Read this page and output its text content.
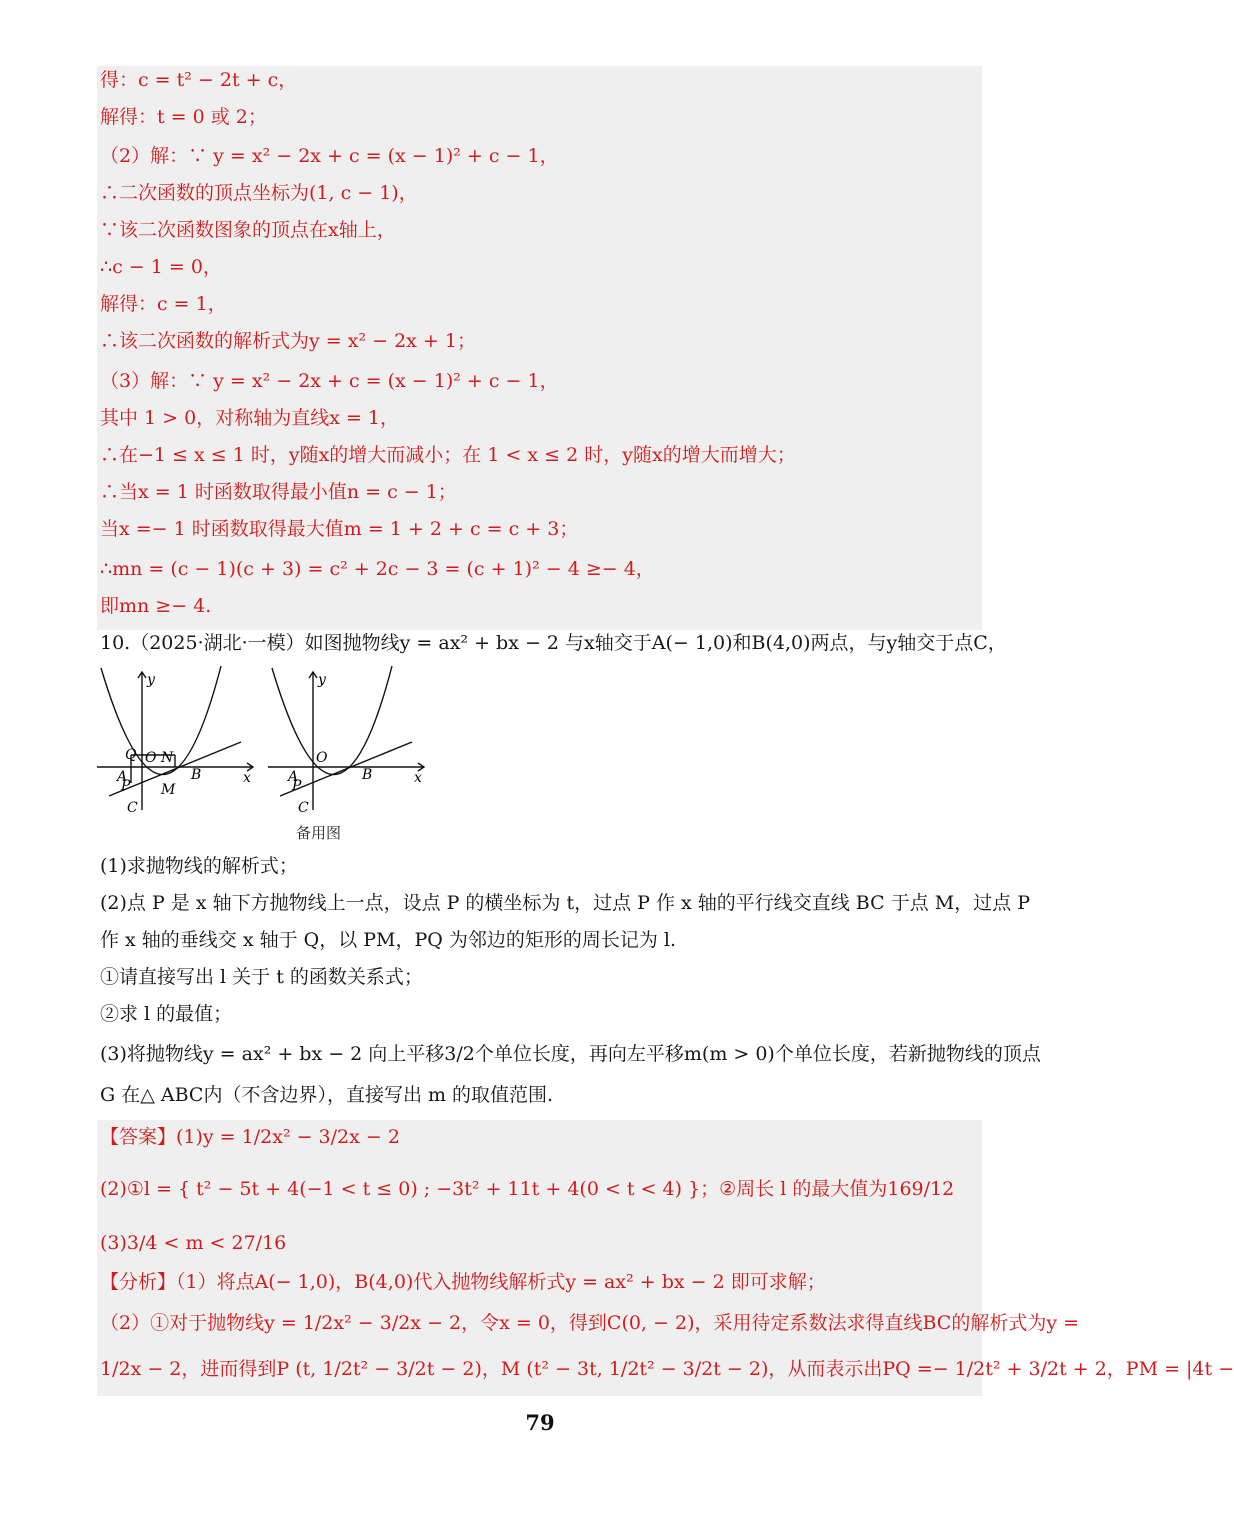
得：c = t² − 2t + c，
解得：t = 0 或 2；
（2）解：∵ y = x² − 2x + c = (x − 1)² + c − 1，
∴二次函数的顶点坐标为(1, c − 1)，
∵该二次函数图象的顶点在x轴上，
∴c − 1 = 0，
解得：c = 1，
∴该二次函数的解析式为y = x² − 2x + 1；
（3）解：∵ y = x² − 2x + c = (x − 1)² + c − 1，
其中 1 > 0，对称轴为直线x = 1，
∴在−1 ≤ x ≤ 1 时，y随x的增大而减小；在 1 < x ≤ 2 时，y随x的增大而增大；
∴当x = 1 时函数取得最小值n = c − 1；
当x =− 1 时函数取得最大值m = 1 + 2 + c = c + 3；
∴mn = (c − 1)(c + 3) = c² + 2c − 3 = (c + 1)² − 4 ≥− 4，
即mn ≥− 4.
10.（2025·湖北·一模）如图抛物线y = ax² + bx − 2 与x轴交于A(− 1,0)和B(4,0)两点，与y轴交于点C，
y
x
Q O N
A	B
P M
C
y
x
O
A	B
P
C
备用图
(1)求抛物线的解析式；
(2)点 P 是 x 轴下方抛物线上一点，设点 P 的横坐标为 t，过点 P 作 x 轴的平行线交直线 BC 于点 M，过点 P
作 x 轴的垂线交 x 轴于 Q，以 PM，PQ 为邻边的矩形的周长记为 l.
①请直接写出 l 关于 t 的函数关系式；
②求 l 的最值；
(3)将抛物线y = ax² + bx − 2 向上平移3/2个单位长度，再向左平移m(m > 0)个单位长度，若新抛物线的顶点
G 在△ ABC内（不含边界），直接写出 m 的取值范围.
【答案】(1)y = 1/2x² − 3/2x − 2
(2)①l = { t² − 5t + 4(−1 < t ≤ 0) ; −3t² + 11t + 4(0 < t < 4) }；②周长 l 的最大值为169/12
(3)3/4 < m < 27/16
【分析】（1）将点A(− 1,0)，B(4,0)代入抛物线解析式y = ax² + bx − 2 即可求解；
（2）①对于抛物线y = 1/2x² − 3/2x − 2，令x = 0，得到C(0, − 2)，采用待定系数法求得直线BC的解析式为y =
1/2x − 2，进而得到P (t, 1/2t² − 3/2t − 2)，M (t² − 3t, 1/2t² − 3/2t − 2)，从而表示出PQ =− 1/2t² + 3/2t + 2，PM = |4t −
79
